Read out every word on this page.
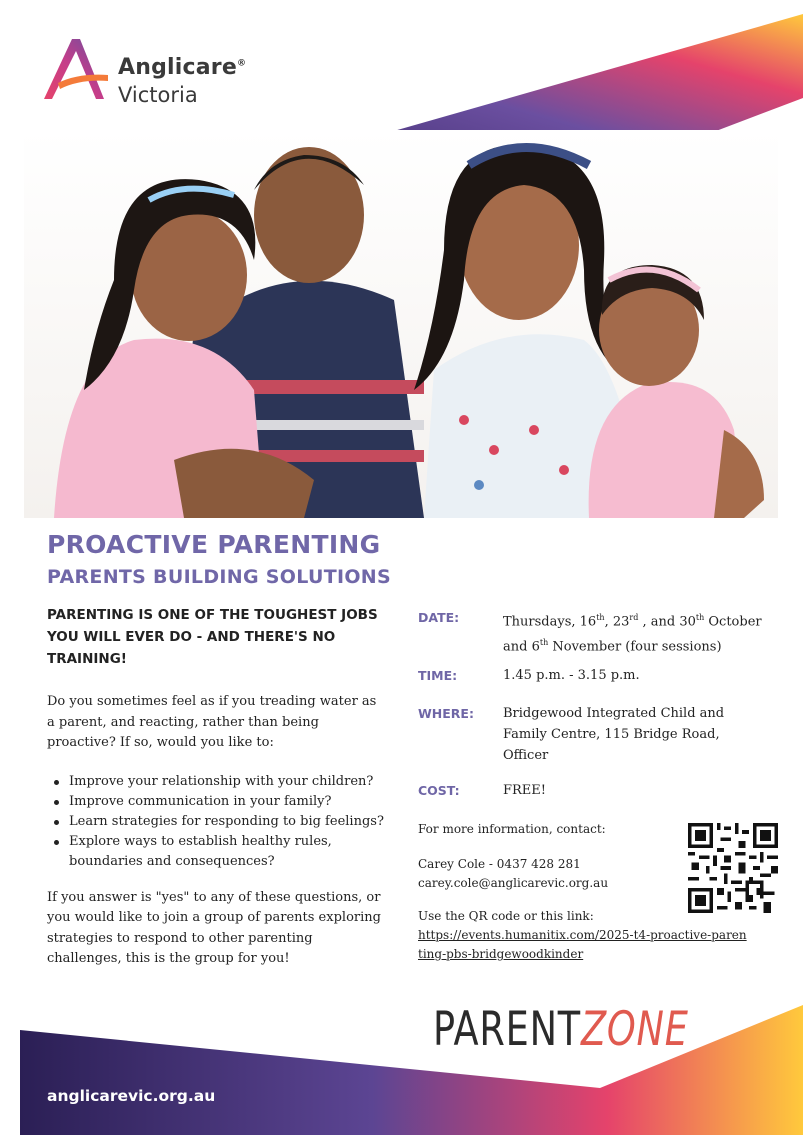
Anglicare®
Victoria
PROACTIVE PARENTING
PARENTS BUILDING SOLUTIONS

PARENTING IS ONE OF THE TOUGHEST JOBS YOU WILL EVER DO - AND THERE'S NO TRAINING!

Do you sometimes feel as if you treading water as a parent, and reacting, rather than being proactive? If so, would you like to:

Improve your relationship with your children?
Improve communication in your family?
Learn strategies for responding to big feelings?
Explore ways to establish healthy rules, boundaries and consequences?

If you answer is "yes" to any of these questions, or you would like to join a group of parents exploring strategies to respond to other parenting challenges, this is the group for you!

DATE:	Thursdays, 16th, 23rd , and 30th October and 6th November (four sessions)
TIME:	1.45 p.m. - 3.15 p.m.
WHERE:	Bridgewood Integrated Child and Family Centre, 115 Bridge Road, Officer
COST:	FREE!

For more information, contact:

Carey Cole - 0437 428 281

carey.cole@anglicarevic.org.au

Use the QR code or this link:

https://events.humanitix.com/2025-t4-proactive-parenting-pbs-bridgewoodkinder

PARENTZONE
anglicarevic.org.au
